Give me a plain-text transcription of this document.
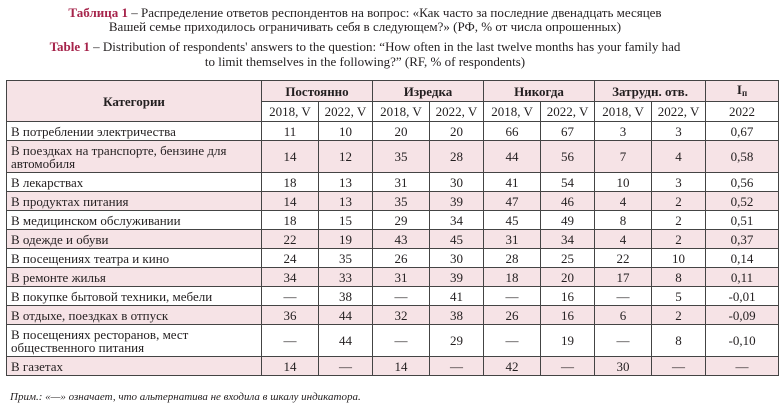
Таблица 1 – Распределение ответов респондентов на вопрос: «Как часто за последние двенадцать месяцев
Вашей семье приходилось ограничивать себя в следующем?» (РФ, % от числа опрошенных)
Table 1 – Distribution of respondents' answers to the question: “How often in the last twelve months has your family had
to limit themselves in the following?” (RF, % of respondents)
Категории	Постоянно		Изредка		Никогда		Затрудн. отв.		Iп
	2018, V	2022, V	2018, V	2022, V	2018, V	2022, V	2018, V	2022, V	2022
В потреблении электричества	11	10	20	20	66	67	3	3	0,67
В поездках на транспорте, бензине для автомобиля	14	12	35	28	44	56	7	4	0,58
В лекарствах	18	13	31	30	41	54	10	3	0,56
В продуктах питания	14	13	35	39	47	46	4	2	0,52
В медицинском обслуживании	18	15	29	34	45	49	8	2	0,51
В одежде и обуви	22	19	43	45	31	34	4	2	0,37
В посещениях театра и кино	24	35	26	30	28	25	22	10	0,14
В ремонте жилья	34	33	31	39	18	20	17	8	0,11
В покупке бытовой техники, мебели	—	38	—	41	—	16	—	5	-0,01
В отдыхе, поездках в отпуск	36	44	32	38	26	16	6	2	-0,09
В посещениях ресторанов, мест общественного питания	—	44	—	29	—	19	—	8	-0,10
В газетах	14	—	14	—	42	—	30	—	—
Прим.: «—» означает, что альтернатива не входила в шкалу индикатора.
